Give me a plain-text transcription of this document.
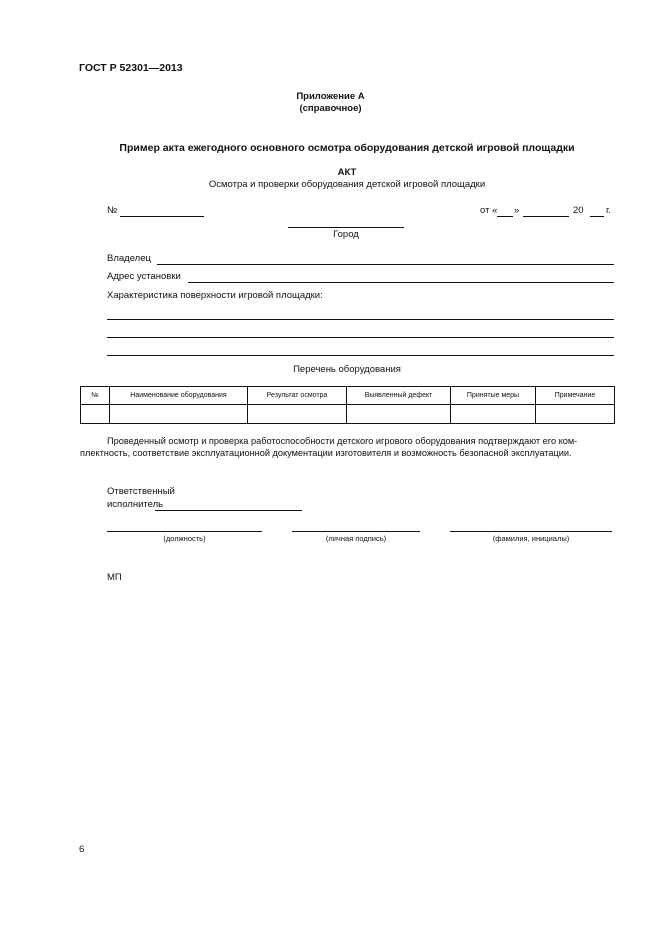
ГОСТ Р 52301—2013
Приложение А
(справочное)
Пример акта ежегодного основного осмотра оборудования детской игровой площадки
АКТ
Осмотра и проверки оборудования детской игровой площадки
№	от « »	20 г.
Город
Владелец
Адрес установки
Характеристика поверхности игровой площадки:
Перечень оборудования
№	Наименование оборудования	Результат осмотра	Выявленный дефект	Принятые меры	Примечание

Проведенный осмотр и проверка работоспособности детского игрового оборудования подтверждают его ком-
плектность, соответствие эксплуатационной документации изготовителя и возможность безопасной эксплуатации.
Ответственный
исполнитель
(должность)	(личная подпись)	(фамилия, инициалы)
МП
6
